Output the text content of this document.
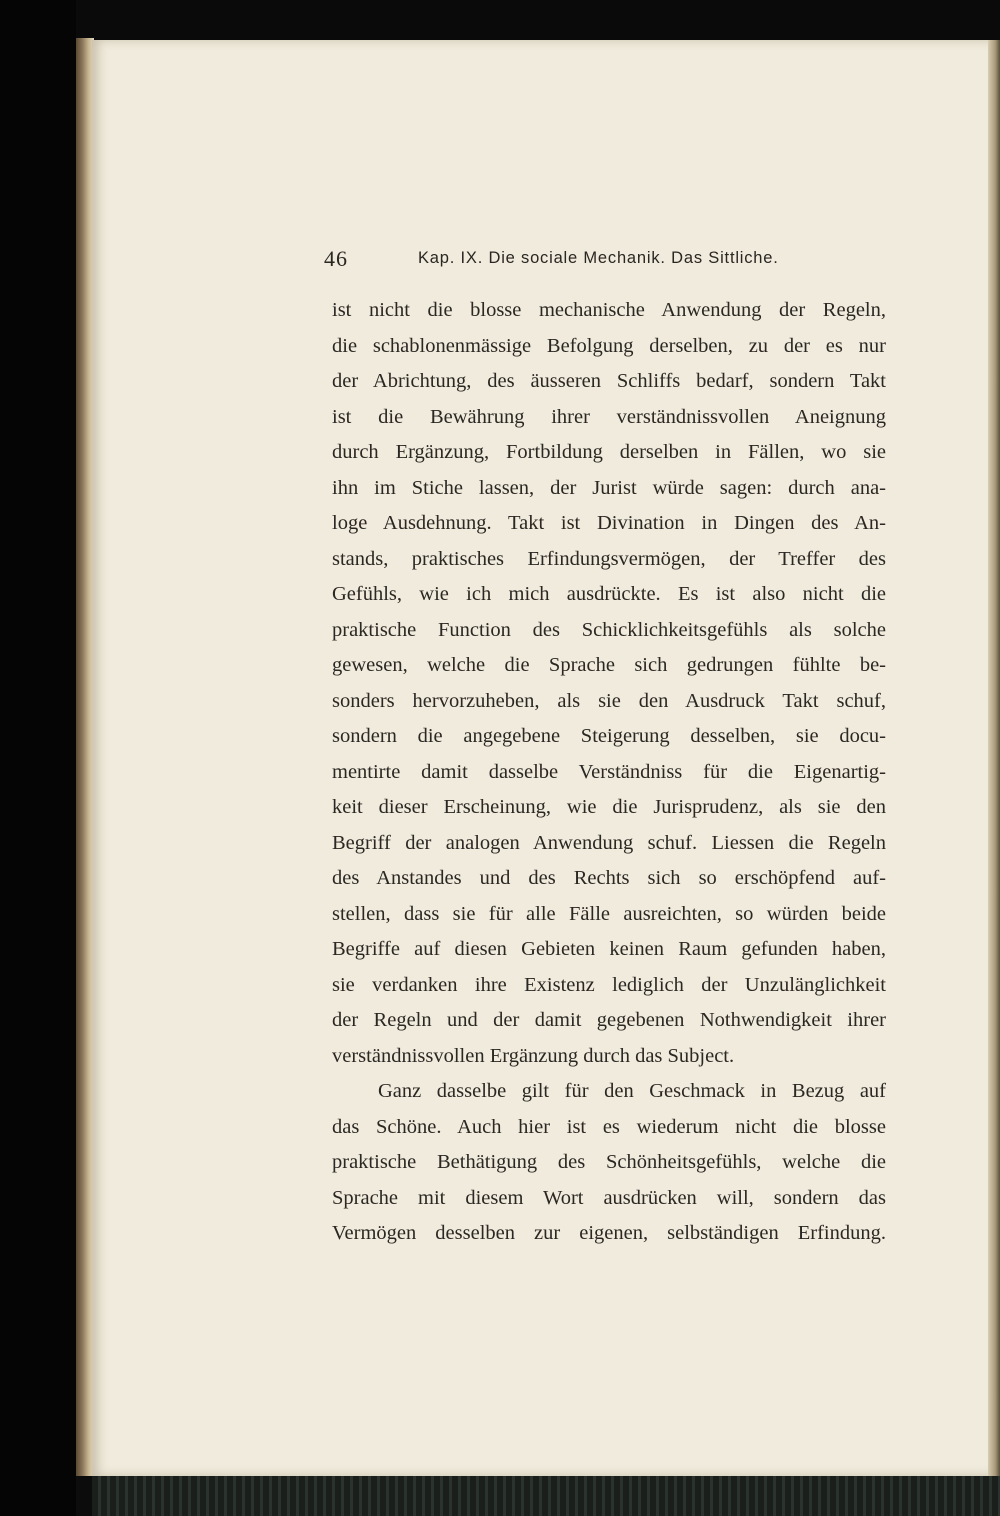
46	Kap. IX. Die sociale Mechanik. Das Sittliche.
ist nicht die blosse mechanische Anwendung der Regeln,
die schablonenmässige Befolgung derselben, zu der es nur
der Abrichtung, des äusseren Schliffs bedarf, sondern Takt
ist die Bewährung ihrer verständnissvollen Aneignung
durch Ergänzung, Fortbildung derselben in Fällen, wo sie
ihn im Stiche lassen, der Jurist würde sagen: durch ana-
loge Ausdehnung. Takt ist Divination in Dingen des An-
stands, praktisches Erfindungsvermögen, der Treffer des
Gefühls, wie ich mich ausdrückte. Es ist also nicht die
praktische Function des Schicklichkeitsgefühls als solche
gewesen, welche die Sprache sich gedrungen fühlte be-
sonders hervorzuheben, als sie den Ausdruck Takt schuf,
sondern die angegebene Steigerung desselben, sie docu-
mentirte damit dasselbe Verständniss für die Eigenartig-
keit dieser Erscheinung, wie die Jurisprudenz, als sie den
Begriff der analogen Anwendung schuf. Liessen die Regeln
des Anstandes und des Rechts sich so erschöpfend auf-
stellen, dass sie für alle Fälle ausreichten, so würden beide
Begriffe auf diesen Gebieten keinen Raum gefunden haben,
sie verdanken ihre Existenz lediglich der Unzulänglichkeit
der Regeln und der damit gegebenen Nothwendigkeit ihrer
verständnissvollen Ergänzung durch das Subject.
Ganz dasselbe gilt für den Geschmack in Bezug auf
das Schöne. Auch hier ist es wiederum nicht die blosse
praktische Bethätigung des Schönheitsgefühls, welche die
Sprache mit diesem Wort ausdrücken will, sondern das
Vermögen desselben zur eigenen, selbständigen Erfindung.
